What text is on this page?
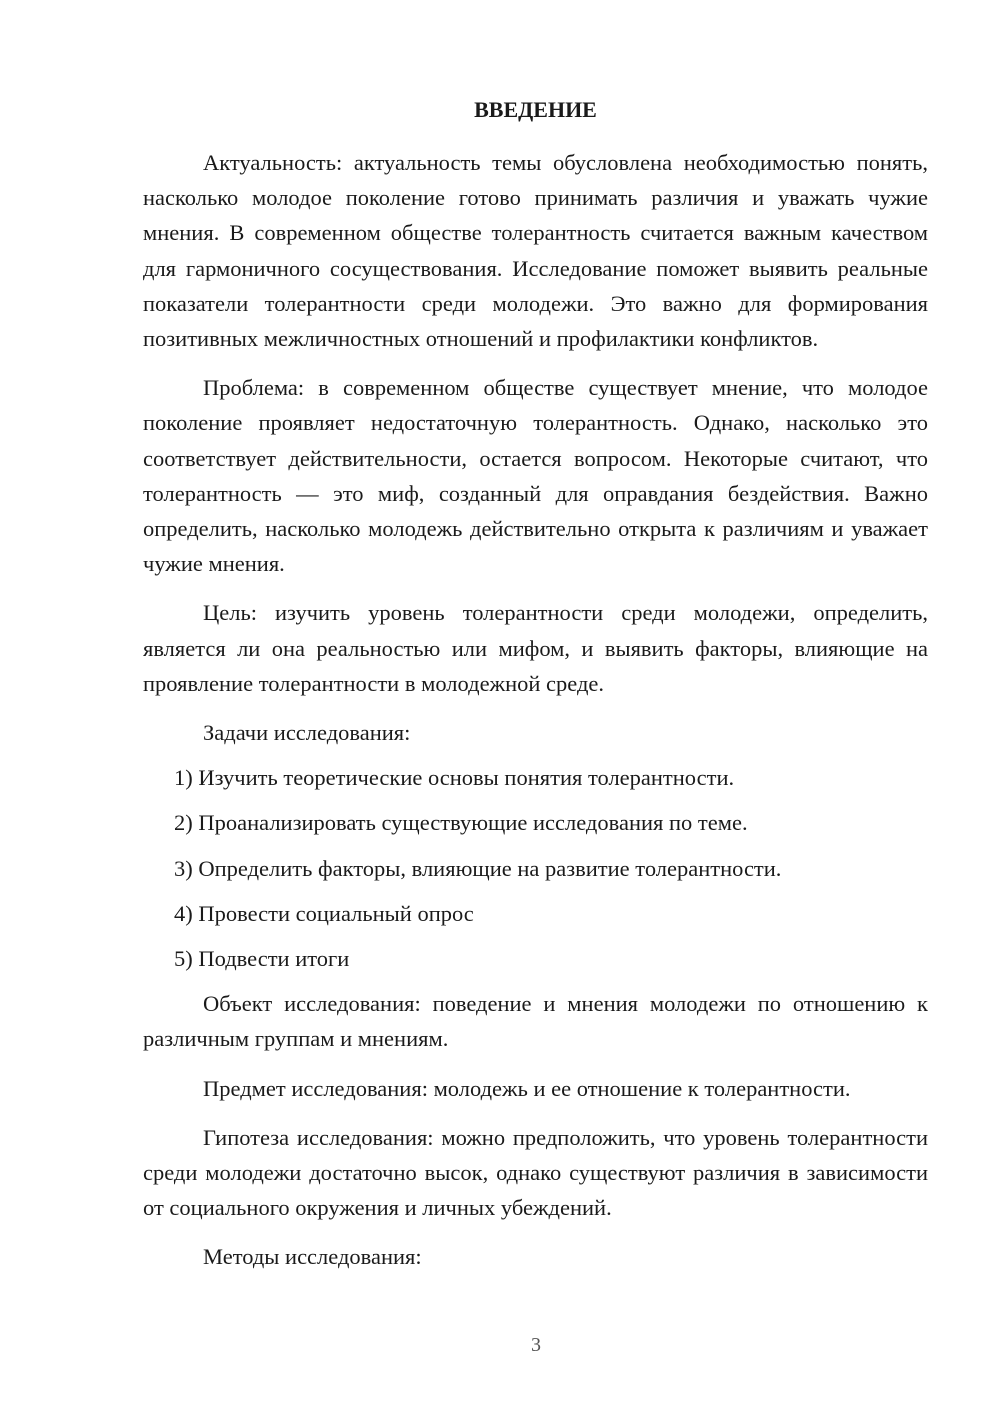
ВВЕДЕНИЕ

Актуальность: актуальность темы обусловлена необходимостью понять, насколько молодое поколение готово принимать различия и уважать чужие мнения. В современном обществе толерантность считается важным качеством для гармоничного сосуществования. Исследование поможет выявить реальные показатели толерантности среди молодежи. Это важно для формирования позитивных межличностных отношений и профилактики конфликтов.

Проблема: в современном обществе существует мнение, что молодое поколение проявляет недостаточную толерантность. Однако, насколько это соответствует действительности, остается вопросом. Некоторые считают, что толерантность — это миф, созданный для оправдания бездействия. Важно определить, насколько молодежь действительно открыта к различиям и уважает чужие мнения.

Цель: изучить уровень толерантности среди молодежи, определить, является ли она реальностью или мифом, и выявить факторы, влияющие на проявление толерантности в молодежной среде.

Задачи исследования:

1) Изучить теоретические основы понятия толерантности.
2) Проанализировать существующие исследования по теме.
3) Определить факторы, влияющие на развитие толерантности.
4) Провести социальный опрос
5) Подвести итоги

Объект исследования: поведение и мнения молодежи по отношению к различным группам и мнениям.

Предмет исследования: молодежь и ее отношение к толерантности.

Гипотеза исследования: можно предположить, что уровень толерантности среди молодежи достаточно высок, однако существуют различия в зависимости от социального окружения и личных убеждений.

Методы исследования:

3
